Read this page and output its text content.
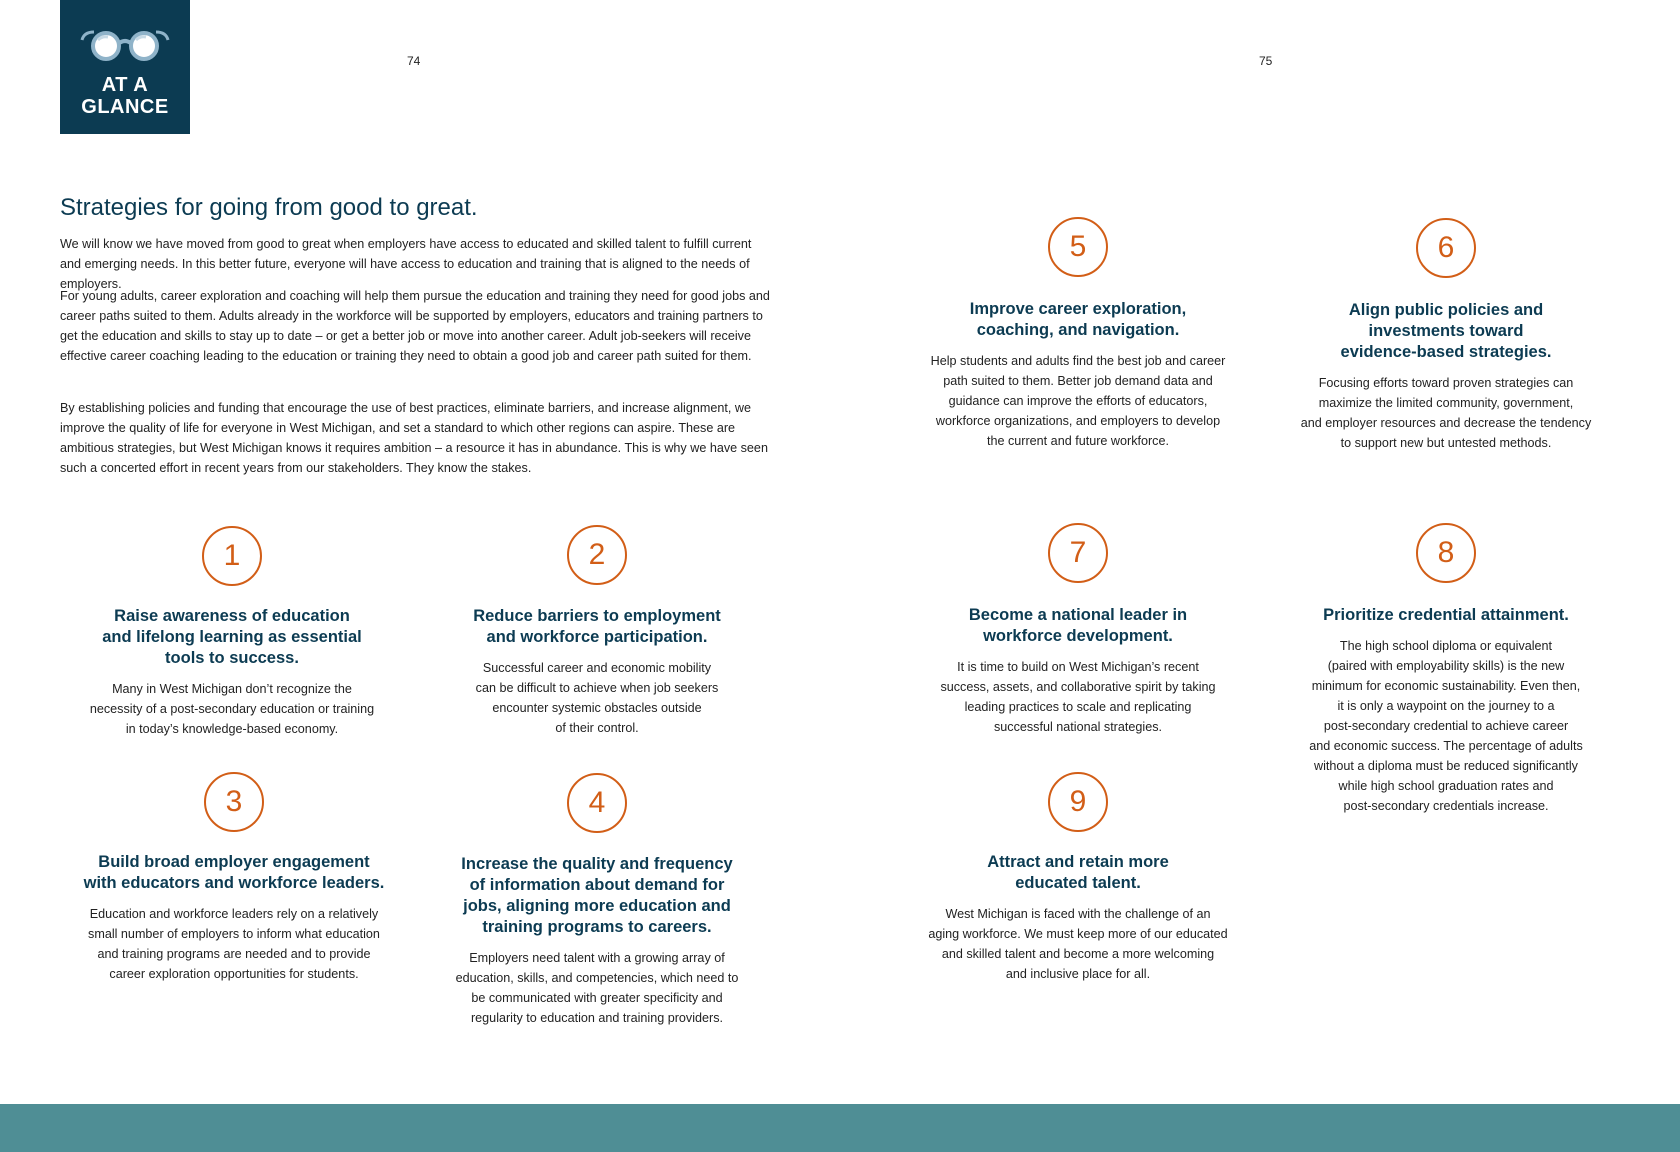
AT A
GLANCE
74	75
Strategies for going from good to great.

We will know we have moved from good to great when employers have access to educated and skilled talent to fulfill current and emerging needs. In this better future, everyone will have access to education and training that is aligned to the needs of employers.

For young adults, career exploration and coaching will help them pursue the education and training they need for good jobs and career paths suited to them. Adults already in the workforce will be supported by employers, educators and training partners to get the education and skills to stay up to date – or get a better job or move into another career. Adult job-seekers will receive effective career coaching leading to the education or training they need to obtain a good job and career path suited for them.

By establishing policies and funding that encourage the use of best practices, eliminate barriers, and increase alignment, we improve the quality of life for everyone in West Michigan, and set a standard to which other regions can aspire. These are ambitious strategies, but West Michigan knows it requires ambition – a resource it has in abundance. This is why we have seen such a concerted effort in recent years from our stakeholders. They know the stakes.

1
Raise awareness of education
and lifelong learning as essential
tools to success.

Many in West Michigan don’t recognize the
necessity of a post-secondary education or training
in today’s knowledge-based economy.

2
Reduce barriers to employment
and workforce participation.

Successful career and economic mobility
can be difficult to achieve when job seekers
encounter systemic obstacles outside
of their control.

3
Build broad employer engagement
with educators and workforce leaders.

Education and workforce leaders rely on a relatively
small number of employers to inform what education
and training programs are needed and to provide
career exploration opportunities for students.

4
Increase the quality and frequency
of information about demand for
jobs, aligning more education and
training programs to careers.

Employers need talent with a growing array of
education, skills, and competencies, which need to
be communicated with greater specificity and
regularity to education and training providers.

5
Improve career exploration,
coaching, and navigation.

Help students and adults find the best job and career
path suited to them. Better job demand data and
guidance can improve the efforts of educators,
workforce organizations, and employers to develop
the current and future workforce.

6
Align public policies and
investments toward
evidence-based strategies.

Focusing efforts toward proven strategies can
maximize the limited community, government,
and employer resources and decrease the tendency
to support new but untested methods.

7
Become a national leader in
workforce development.

It is time to build on West Michigan’s recent
success, assets, and collaborative spirit by taking
leading practices to scale and replicating
successful national strategies.

8
Prioritize credential attainment.

The high school diploma or equivalent
(paired with employability skills) is the new
minimum for economic sustainability. Even then,
it is only a waypoint on the journey to a
post-secondary credential to achieve career
and economic success. The percentage of adults
without a diploma must be reduced significantly
while high school graduation rates and
post-secondary credentials increase.

9
Attract and retain more
educated talent.

West Michigan is faced with the challenge of an
aging workforce. We must keep more of our educated
and skilled talent and become a more welcoming
and inclusive place for all.
